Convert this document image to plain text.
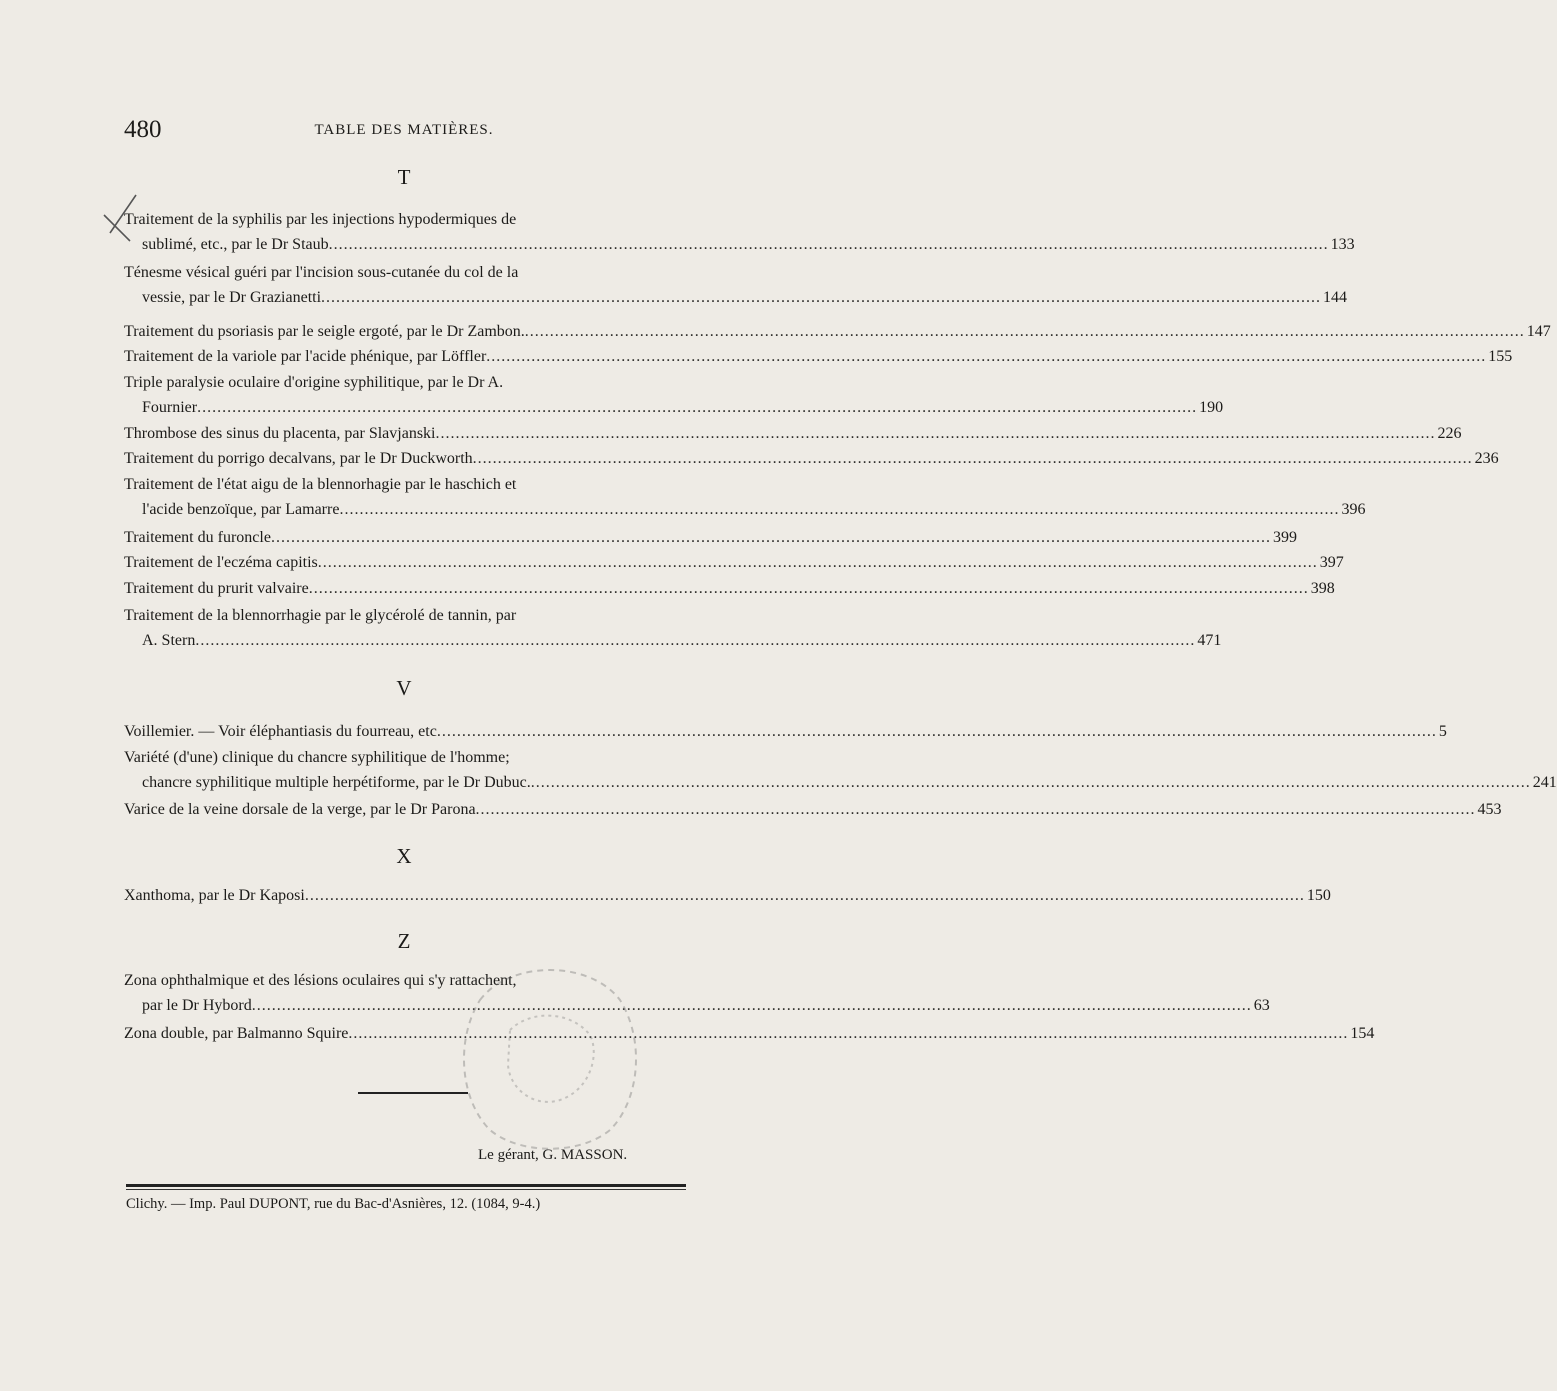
480	TABLE DES MATIÈRES.
T
Traitement de la syphilis par les injections hypodermiques de
sublimé, etc., par le Dr Staub ........................................................................................................................................................................................................ 133
Ténesme vésical guéri par l'incision sous-cutanée du col de la
vessie, par le Dr Grazianetti ........................................................................................................................................................................................................ 144
Traitement du psoriasis par le seigle ergoté, par le Dr Zambon. ........................................................................................................................................................................................................ 147
Traitement de la variole par l'acide phénique, par Löffler ........................................................................................................................................................................................................ 155
Triple paralysie oculaire d'origine syphilitique, par le Dr A.
Fournier ........................................................................................................................................................................................................ 190
Thrombose des sinus du placenta, par Slavjanski ........................................................................................................................................................................................................ 226
Traitement du porrigo decalvans, par le Dr Duckworth ........................................................................................................................................................................................................ 236
Traitement de l'état aigu de la blennorhagie par le haschich et
l'acide benzoïque, par Lamarre ........................................................................................................................................................................................................ 396
Traitement du furoncle ........................................................................................................................................................................................................ 399
Traitement de l'eczéma capitis ........................................................................................................................................................................................................ 397
Traitement du prurit valvaire ........................................................................................................................................................................................................ 398
Traitement de la blennorrhagie par le glycérolé de tannin, par
A. Stern ........................................................................................................................................................................................................ 471
V
Voillemier. — Voir éléphantiasis du fourreau, etc ........................................................................................................................................................................................................ 5
Variété (d'une) clinique du chancre syphilitique de l'homme;
chancre syphilitique multiple herpétiforme, par le Dr Dubuc. ........................................................................................................................................................................................................ 241
Varice de la veine dorsale de la verge, par le Dr Parona ........................................................................................................................................................................................................ 453
X
Xanthoma, par le Dr Kaposi ........................................................................................................................................................................................................ 150
Z
Zona ophthalmique et des lésions oculaires qui s'y rattachent,
par le Dr Hybord ........................................................................................................................................................................................................ 63
Zona double, par Balmanno Squire ........................................................................................................................................................................................................ 154
Le gérant, G. MASSON.
Clichy. — Imp. Paul DUPONT, rue du Bac-d'Asnières, 12. (1084, 9-4.)
